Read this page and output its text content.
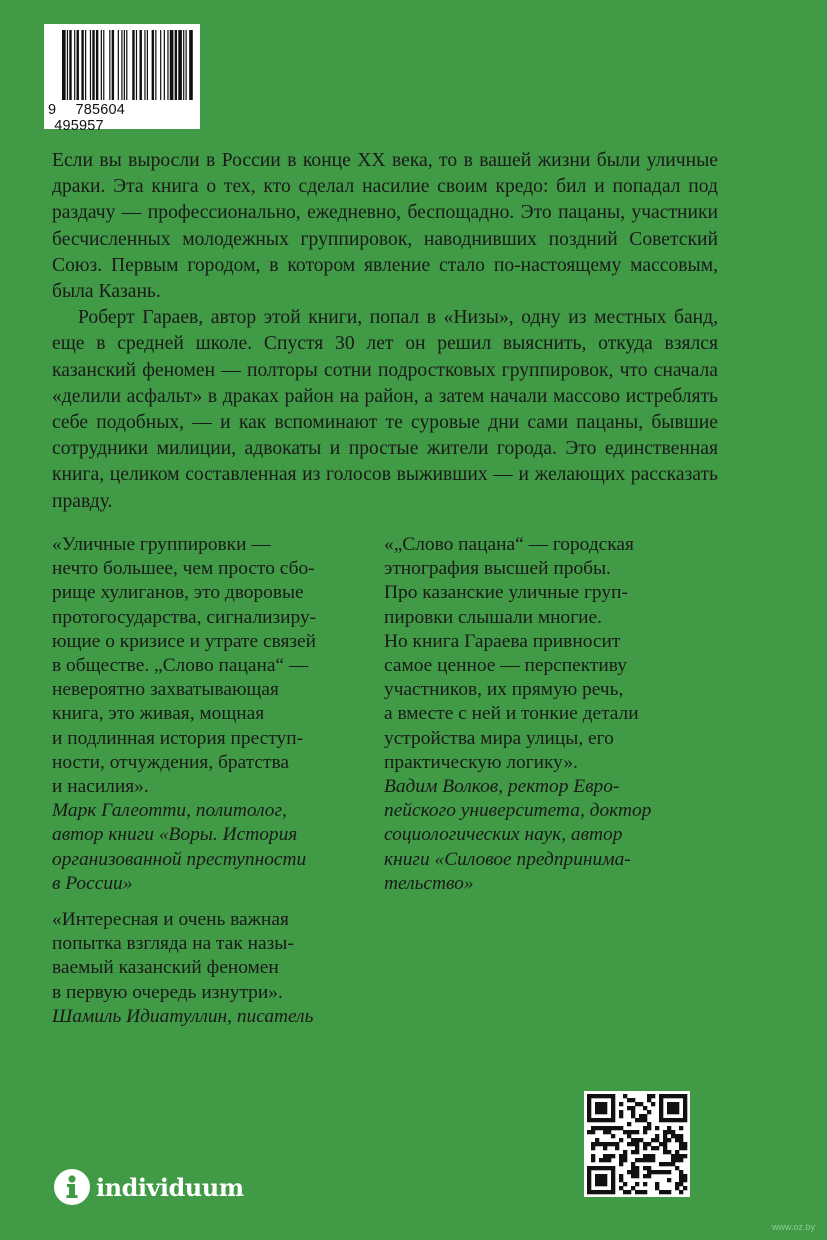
9 785604 495957

Если вы выросли в России в конце XX века, то в вашей жизни были уличные драки. Эта книга о тех, кто сделал насилие своим кредо: бил и попадал под раздачу — профессионально, ежедневно, беспощадно. Это пацаны, участники бесчисленных молодежных группировок, наводнивших поздний Советский Союз. Первым городом, в котором явление стало по-настоящему массовым, была Казань.

Роберт Гараев, автор этой книги, попал в «Низы», одну из местных банд, еще в средней школе. Спустя 30 лет он решил выяснить, откуда взялся казанский феномен — полторы сотни подростковых группировок, что сначала «делили асфальт» в драках район на район, а затем начали массово истреблять себе подобных, — и как вспоминают те суровые дни сами пацаны, бывшие сотрудники милиции, адвокаты и простые жители города. Это единственная книга, целиком составленная из голосов выживших — и желающих рассказать правду.

«Уличные группировки —
нечто большее, чем просто сбо-
рище хулиганов, это дворовые
протогосударства, сигнализиру-
ющие о кризисе и утрате связей
в обществе. „Слово пацана“ —
невероятно захватывающая
книга, это живая, мощная
и подлинная история преступ-
ности, отчуждения, братства
и насилия».
Марк Галеотти, политолог,
автор книги «Воры. История
организованной преступности
в России»
«„Слово пацана“ — городская
этнография высшей пробы.
Про казанские уличные груп-
пировки слышали многие.
Но книга Гараева привносит
самое ценное — перспективу
участников, их прямую речь,
а вместе с ней и тонкие детали
устройства мира улицы, его
практическую логику».
Вадим Волков, ректор Евро-
пейского университета, доктор
социологических наук, автор
книги «Силовое предпринима-
тельство»
«Интересная и очень важная
попытка взгляда на так назы-
ваемый казанский феномен
в первую очередь изнутри».
Шамиль Идиатуллин, писатель
individuum
www.oz.by
